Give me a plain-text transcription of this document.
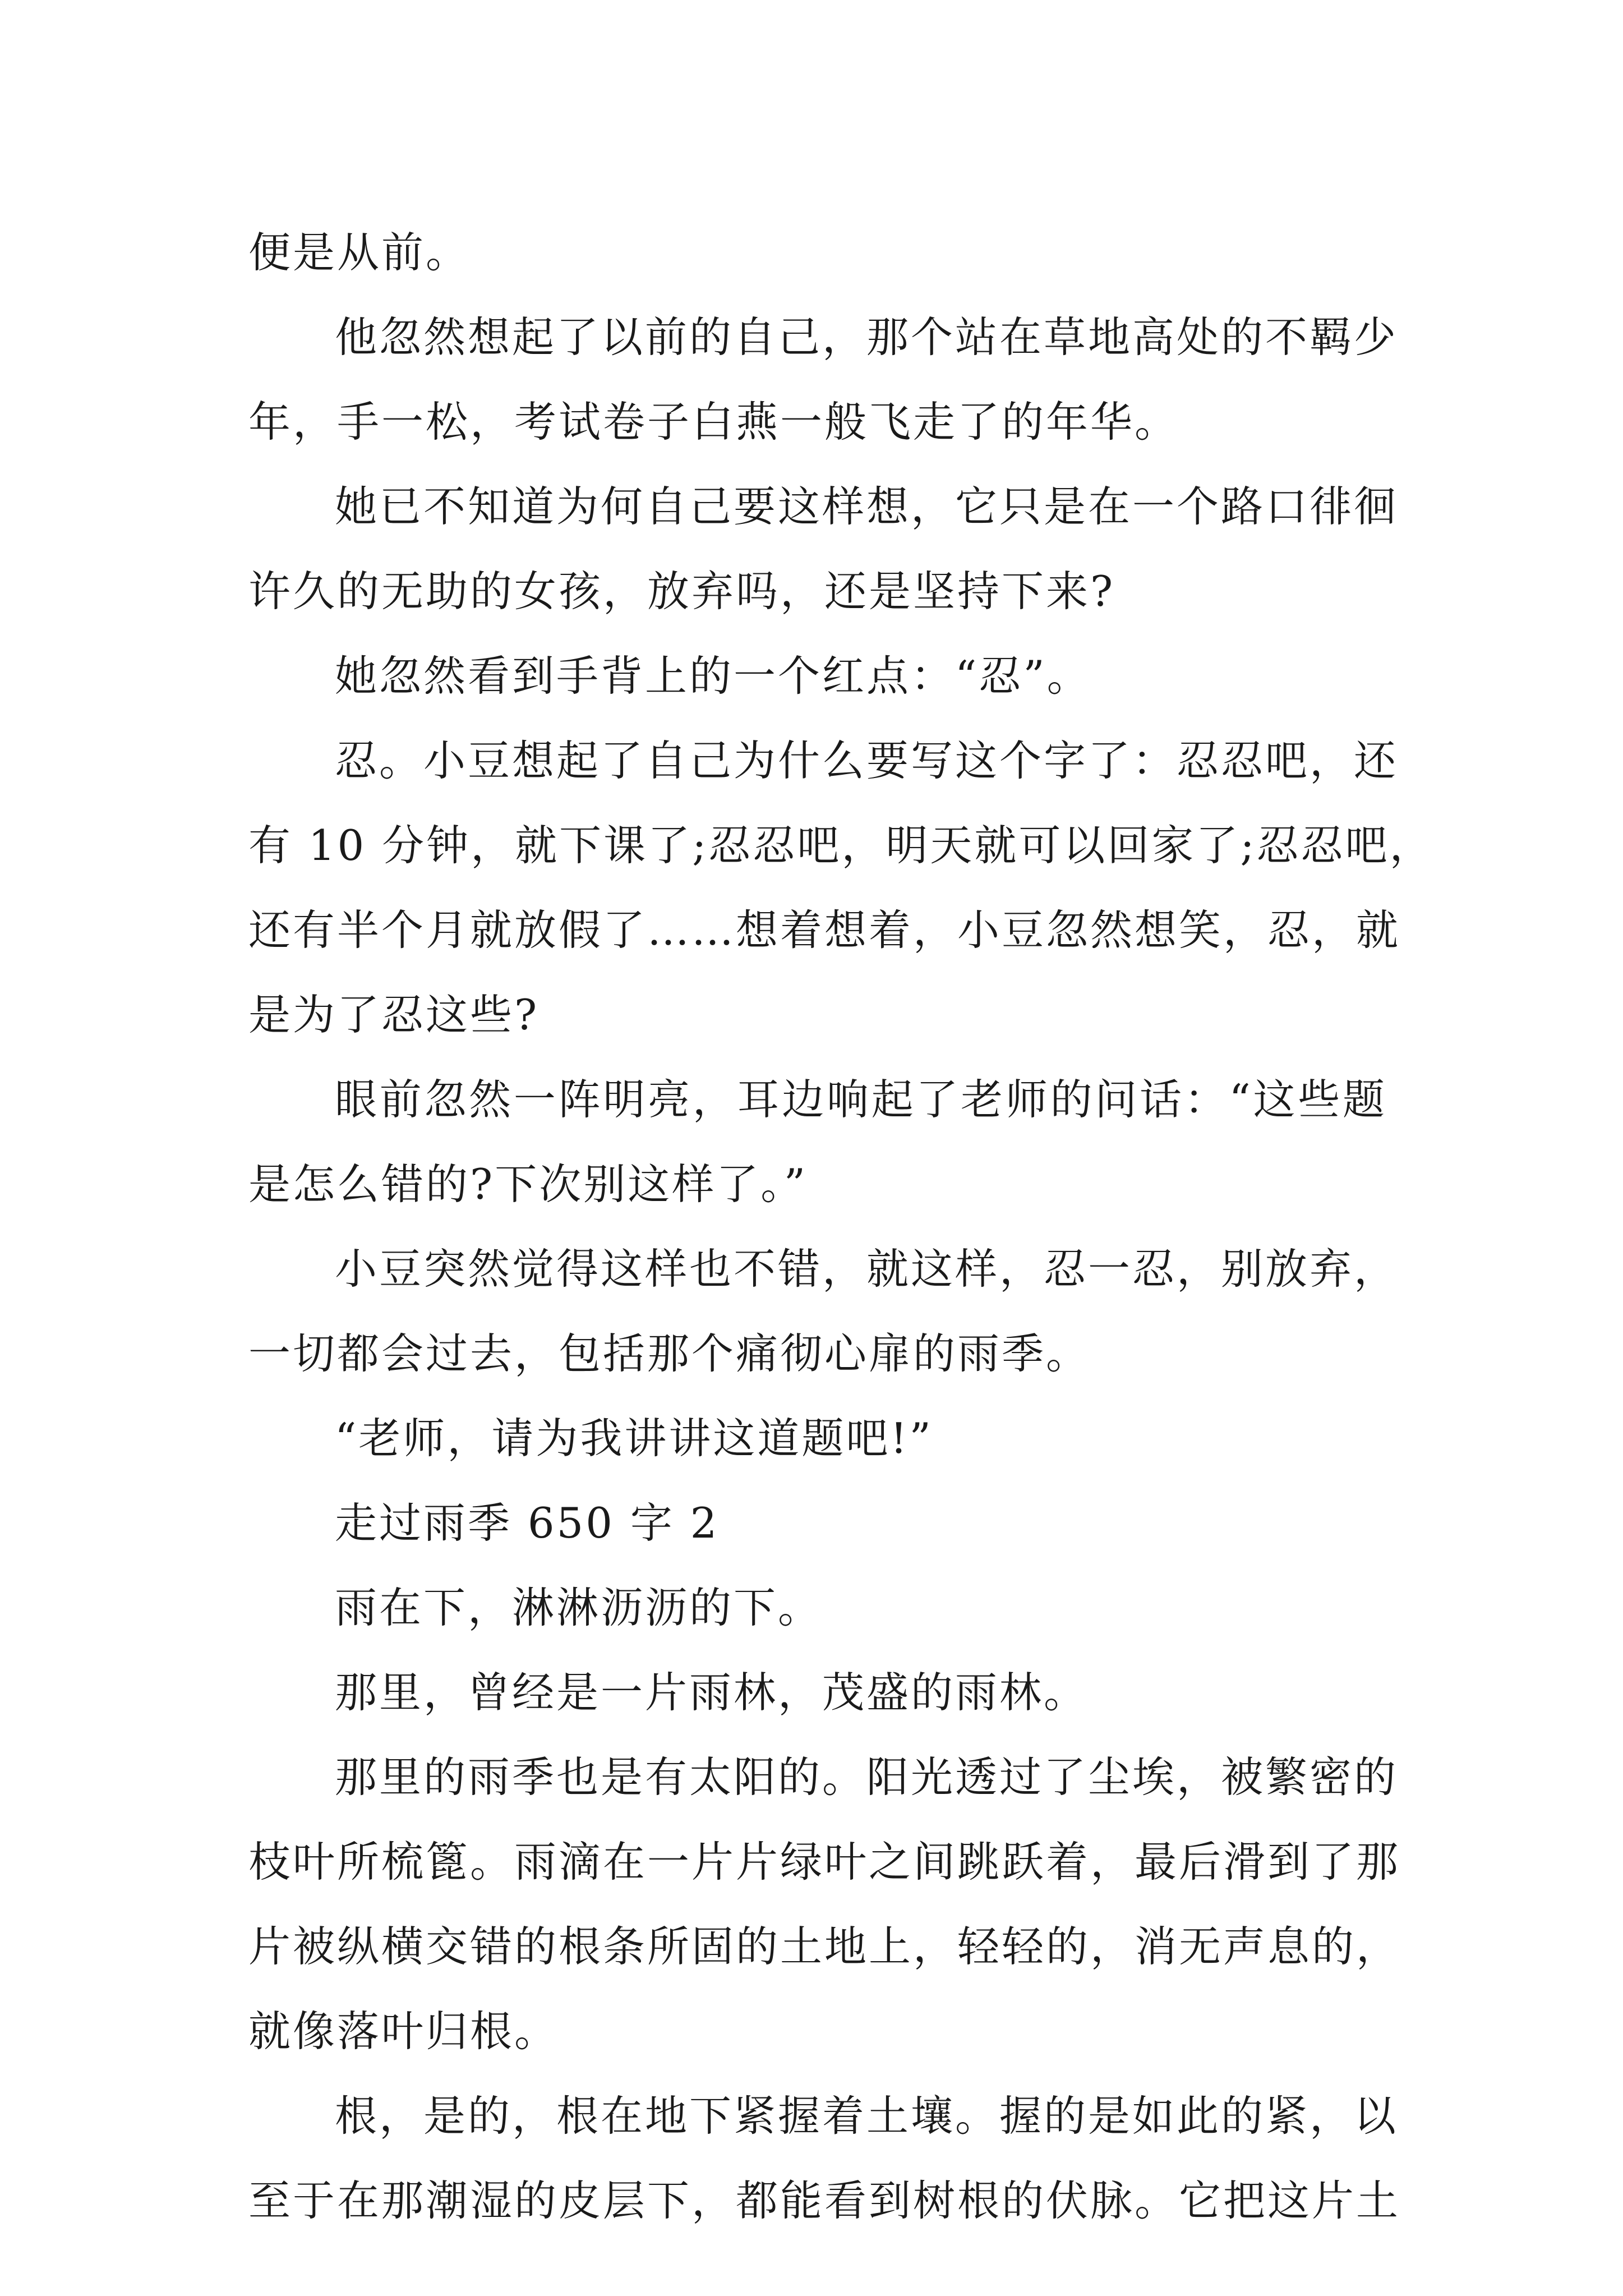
便是从前。
他忽然想起了以前的自己，那个站在草地高处的不羁少
年，手一松，考试卷子白燕一般飞走了的年华。
她已不知道为何自己要这样想，它只是在一个路口徘徊
许久的无助的女孩，放弃吗，还是坚持下来?
她忽然看到手背上的一个红点：“忍”。
忍。小豆想起了自己为什么要写这个字了：忍忍吧，还
有 10 分钟，就下课了;忍忍吧，明天就可以回家了;忍忍吧，
还有半个月就放假了……想着想着，小豆忽然想笑，忍，就
是为了忍这些?
眼前忽然一阵明亮，耳边响起了老师的问话：“这些题
是怎么错的?下次别这样了。”
小豆突然觉得这样也不错，就这样，忍一忍，别放弃，
一切都会过去，包括那个痛彻心扉的雨季。
“老师，请为我讲讲这道题吧!”
走过雨季 650 字 2
雨在下，淋淋沥沥的下。
那里，曾经是一片雨林，茂盛的雨林。
那里的雨季也是有太阳的。阳光透过了尘埃，被繁密的
枝叶所梳篦。雨滴在一片片绿叶之间跳跃着，最后滑到了那
片被纵横交错的根条所固的土地上，轻轻的，消无声息的，
就像落叶归根。
根，是的，根在地下紧握着土壤。握的是如此的紧，以
至于在那潮湿的皮层下，都能看到树根的伏脉。它把这片土
